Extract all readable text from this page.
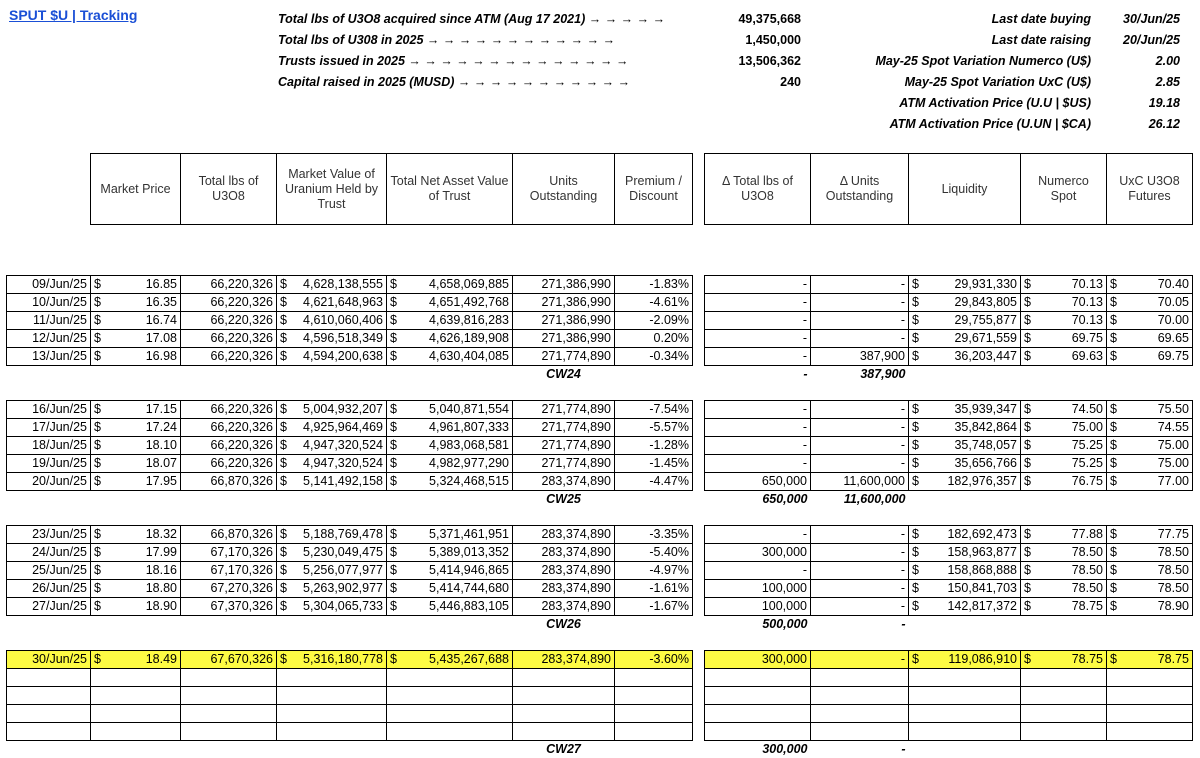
SPUT $U | Tracking	Total lbs of U3O8 acquired since ATM (Aug 17 2021) → → → → →	49,375,668
Total lbs of U308 in 2025 → → → → → → → → → → → →	1,450,000
Trusts issued in 2025 → → → → → → → → → → → → → →	13,506,362
Capital raised in 2025 (MUSD) → → → → → → → → → → →	240
Last date buying	30/Jun/25
Last date raising	20/Jun/25
May-25 Spot Variation Numerco (U$)	2.00
May-25 Spot Variation UxC (U$)	2.85
ATM Activation Price (U.U | $US)	19.18
ATM Activation Price (U.UN | $CA)	26.12
	Market Price	Total lbs of U3O8	Market Value of Uranium Held by Trust	Total Net Asset Value of Trust	Units Outstanding	Premium / Discount		Δ Total lbs of U3O8	Δ Units Outstanding	Liquidity	Numerco Spot	UxC U3O8 Futures

09/Jun/25	$ 16.85	66,220,326	$ 4,628,138,555	$ 4,658,069,885	271,386,990	-1.83%		-	-	$ 29,931,330	$ 70.13	$ 70.40

10/Jun/25	$ 16.35	66,220,326	$ 4,621,648,963	$ 4,651,492,768	271,386,990	-4.61%		-	-	$ 29,843,805	$ 70.13	$ 70.05

11/Jun/25	$ 16.74	66,220,326	$ 4,610,060,406	$ 4,639,816,283	271,386,990	-2.09%		-	-	$ 29,755,877	$ 70.13	$ 70.00

12/Jun/25	$ 17.08	66,220,326	$ 4,596,518,349	$ 4,626,189,908	271,386,990	0.20%		-	-	$ 29,671,559	$ 69.75	$ 69.65

13/Jun/25	$ 16.98	66,220,326	$ 4,594,200,638	$ 4,630,404,085	271,774,890	-0.34%		-	387,900	$ 36,203,447	$ 69.63	$ 69.75

					CW24			-	387,900			

16/Jun/25	$ 17.15	66,220,326	$ 5,004,932,207	$ 5,040,871,554	271,774,890	-7.54%		-	-	$ 35,939,347	$ 74.50	$ 75.50

17/Jun/25	$ 17.24	66,220,326	$ 4,925,964,469	$ 4,961,807,333	271,774,890	-5.57%		-	-	$ 35,842,864	$ 75.00	$ 74.55

18/Jun/25	$ 18.10	66,220,326	$ 4,947,320,524	$ 4,983,068,581	271,774,890	-1.28%		-	-	$ 35,748,057	$ 75.25	$ 75.00

19/Jun/25	$ 18.07	66,220,326	$ 4,947,320,524	$ 4,982,977,290	271,774,890	-1.45%		-	-	$ 35,656,766	$ 75.25	$ 75.00

20/Jun/25	$ 17.95	66,870,326	$ 5,141,492,158	$ 5,324,468,515	283,374,890	-4.47%		650,000	11,600,000	$ 182,976,357	$ 76.75	$ 77.00

					CW25			650,000	11,600,000			

23/Jun/25	$ 18.32	66,870,326	$ 5,188,769,478	$ 5,371,461,951	283,374,890	-3.35%		-	-	$ 182,692,473	$ 77.88	$ 77.75

24/Jun/25	$ 17.99	67,170,326	$ 5,230,049,475	$ 5,389,013,352	283,374,890	-5.40%		300,000	-	$ 158,963,877	$ 78.50	$ 78.50

25/Jun/25	$ 18.16	67,170,326	$ 5,256,077,977	$ 5,414,946,865	283,374,890	-4.97%		-	-	$ 158,868,888	$ 78.50	$ 78.50

26/Jun/25	$ 18.80	67,270,326	$ 5,263,902,977	$ 5,414,744,680	283,374,890	-1.61%		100,000	-	$ 150,841,703	$ 78.50	$ 78.50

27/Jun/25	$ 18.90	67,370,326	$ 5,304,065,733	$ 5,446,883,105	283,374,890	-1.67%		100,000	-	$ 142,817,372	$ 78.75	$ 78.90

					CW26			500,000	-			

30/Jun/25	$ 18.49	67,670,326	$ 5,316,180,778	$ 5,435,267,688	283,374,890	-3.60%		300,000	-	$ 119,086,910	$ 78.75	$ 78.75

					CW27			300,000	-			
